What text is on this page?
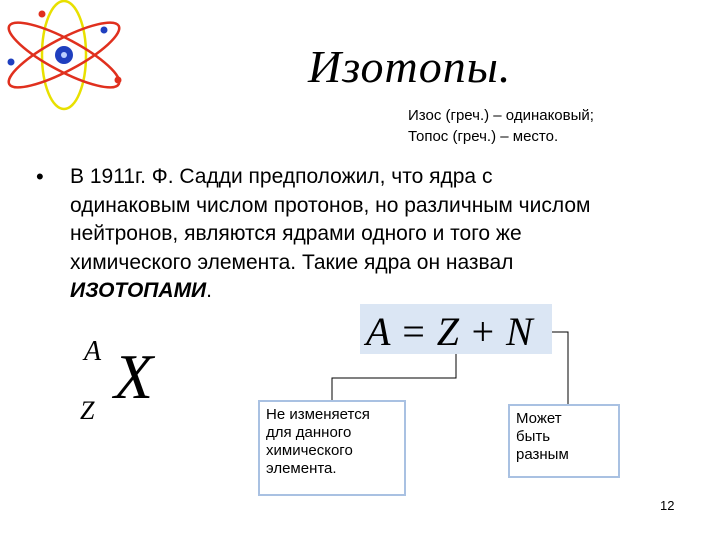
Изотопы.
Изос (греч.) – одинаковый;
Топос (греч.) – место.
• В 1911г. Ф. Садди предположил, что ядра с
одинаковым числом протонов, но различным числом
нейтронов, являются ядрами одного и того же
химического элемента. Такие ядра он назвал
ИЗОТОПАМИ.
A = Z + N
A
Z X
Не изменяется
для данного
химического
элемента.
Может
быть
разным
12
